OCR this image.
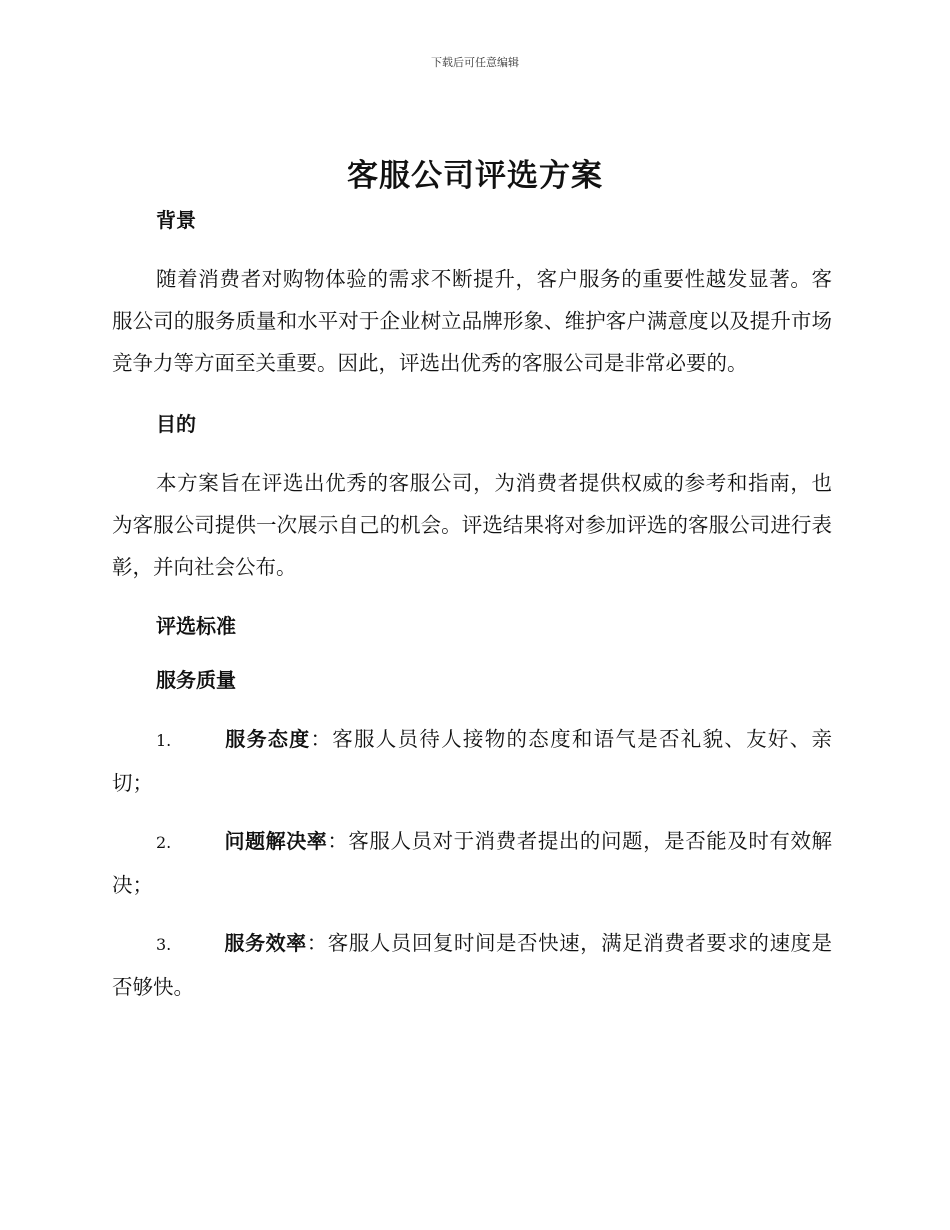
下载后可任意编辑
客服公司评选方案
背景

随着消费者对购物体验的需求不断提升，客户服务的重要性越发显著。客服公司的服务质量和水平对于企业树立品牌形象、维护客户满意度以及提升市场竞争力等方面至关重要。因此，评选出优秀的客服公司是非常必要的。

目的

本方案旨在评选出优秀的客服公司，为消费者提供权威的参考和指南，也为客服公司提供一次展示自己的机会。评选结果将对参加评选的客服公司进行表彰，并向社会公布。

评选标准
服务质量

1.	服务态度：客服人员待人接物的态度和语气是否礼貌、友好、亲切；

2.	问题解决率：客服人员对于消费者提出的问题，是否能及时有效解决；

3.	服务效率：客服人员回复时间是否快速，满足消费者要求的速度是否够快。
